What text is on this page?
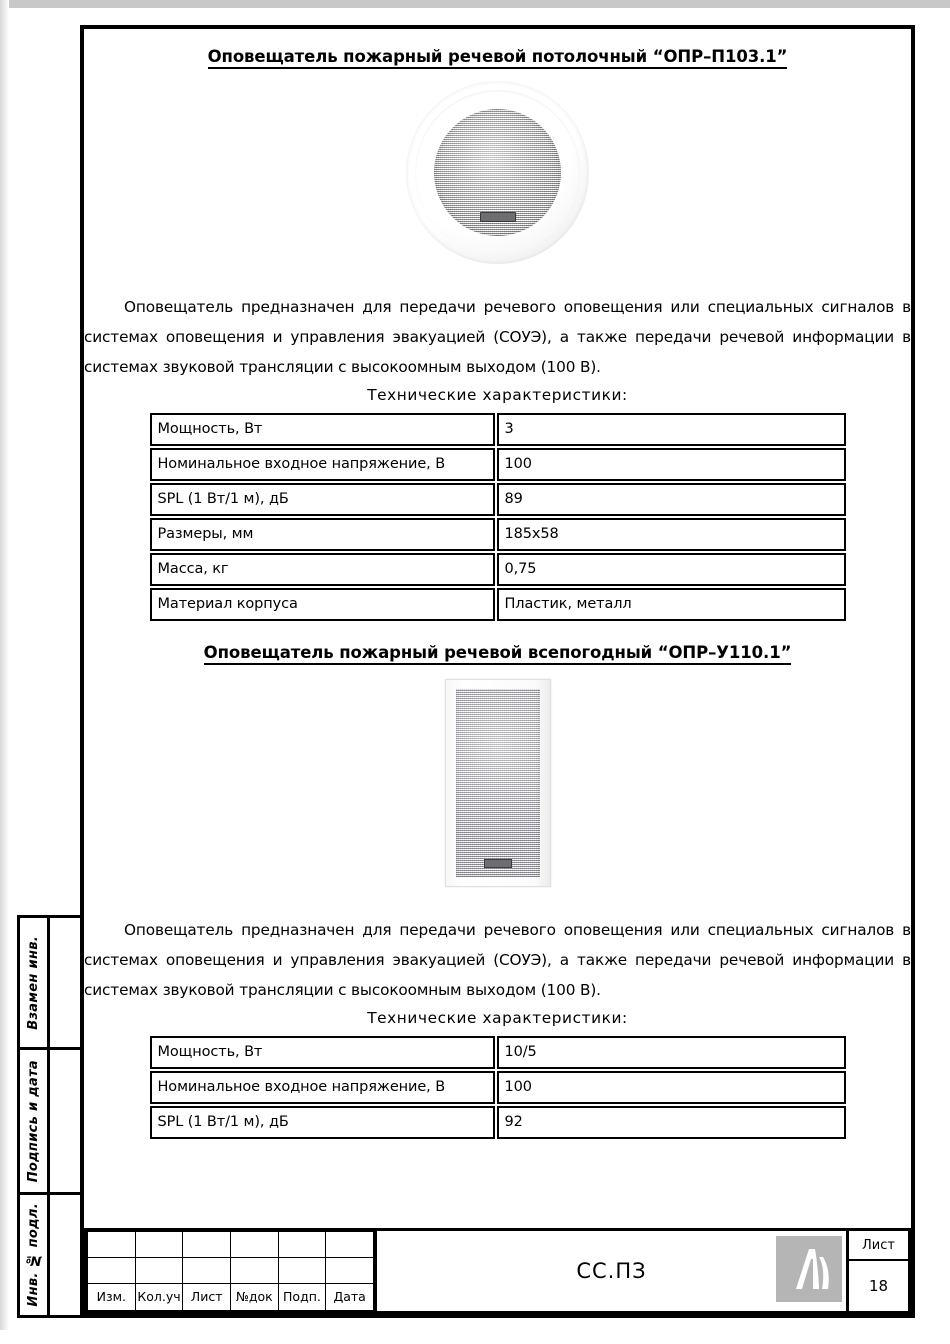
Взамен инв.
Подпись и дата
Инв. № подл.
Оповещатель пожарный речевой потолочный “ОПР–П103.1”
Оповещатель предназначен для передачи речевого оповещения или специальных сигналов в системах оповещения и управления эвакуацией (СОУЭ), а также передачи речевой информации в системах звуковой трансляции с высокоомным выходом (100 В).
Технические характеристики:
Мощность, Вт	3
Номинальное входное напряжение, В	100
SPL (1 Вт/1 м), дБ	89
Размеры, мм	185x58
Масса, кг	0,75
Материал корпуса	Пластик, металл
Оповещатель пожарный речевой всепогодный “ОПР–У110.1”
Оповещатель предназначен для передачи речевого оповещения или специальных сигналов в системах оповещения и управления эвакуацией (СОУЭ), а также передачи речевой информации в системах звуковой трансляции с высокоомным выходом (100 В).
Технические характеристики:
Мощность, Вт	10/5
Номинальное входное напряжение, В	100
SPL (1 Вт/1 м), дБ	92

Изм.	Кол.уч	Лист	№док	Подп.	Дата
СС.ПЗ
Лист
18
